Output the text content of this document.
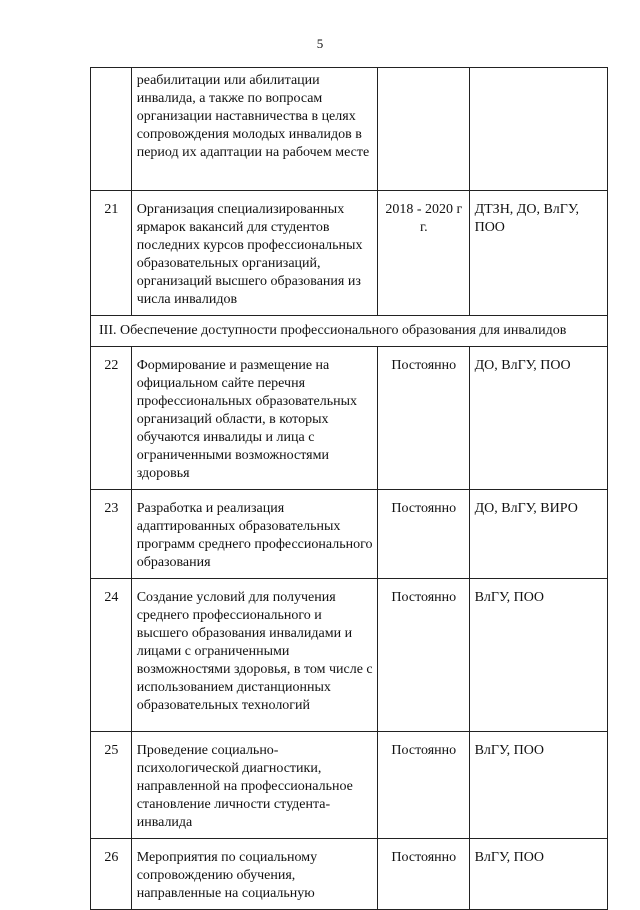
5
	реабилитации или абилитации инвалида, а также по вопросам организации наставничества в целях сопровождения молодых инвалидов в период их адаптации на рабочем месте		
21	Организация специализированных ярмарок вакансий для студентов последних курсов профессиональных образовательных организаций, организаций высшего образования из числа инвалидов	2018 - 2020 г г.	ДТЗН, ДО, ВлГУ, ПОО
III. Обеспечение доступности профессионального образования для инвалидов			
22	Формирование и размещение на официальном сайте перечня профессиональных образовательных организаций области, в которых обучаются инвалиды и лица с ограниченными возможностями здоровья	Постоянно	ДО, ВлГУ, ПОО
23	Разработка и реализация адаптированных образовательных программ среднего профессионального образования	Постоянно	ДО, ВлГУ, ВИРО
24	Создание условий для получения среднего профессионального и высшего образования инвалидами и лицами с ограниченными возможностями здоровья, в том числе с использованием дистанционных образовательных технологий	Постоянно	ВлГУ, ПОО
25	Проведение социально-психологической диагностики, направленной на профессиональное становление личности студента-инвалида	Постоянно	ВлГУ, ПОО
26	Мероприятия по социальному сопровождению обучения, направленные на социальную	Постоянно	ВлГУ, ПОО
